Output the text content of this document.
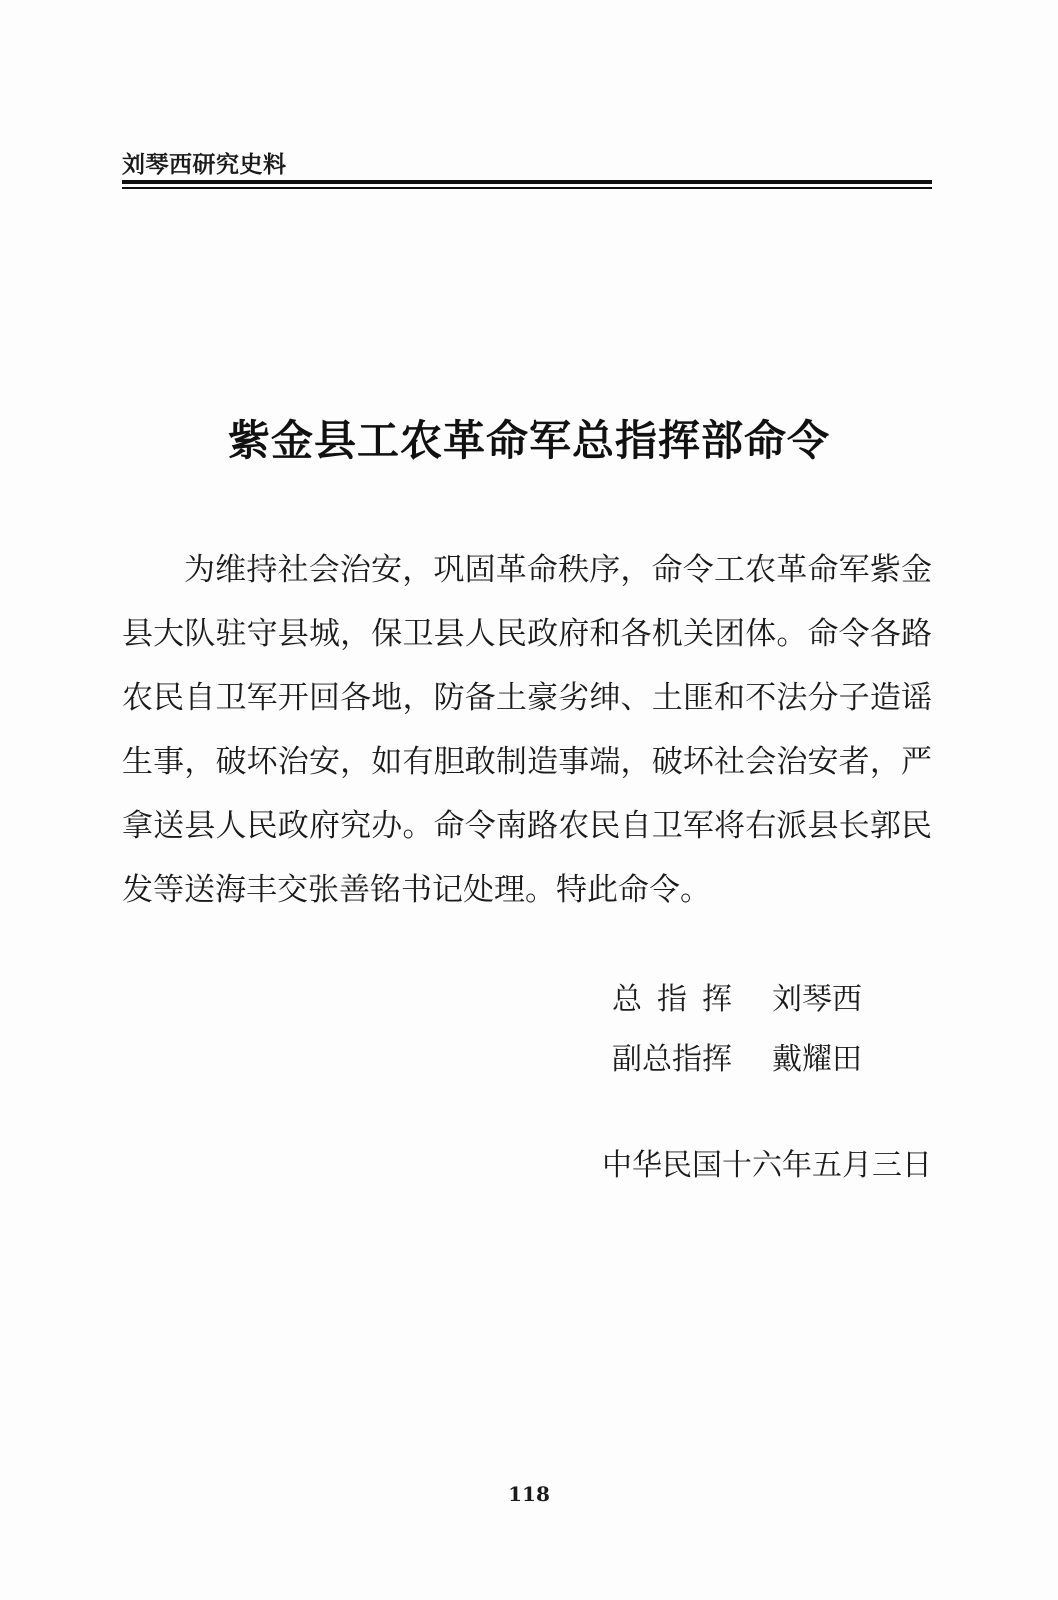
刘琴西研究史料
紫金县工农革命军总指挥部命令

为维持社会治安，巩固革命秩序，命令工农革命军紫金县大队驻守县城，保卫县人民政府和各机关团体。命令各路农民自卫军开回各地，防备土豪劣绅、土匪和不法分子造谣生事，破坏治安，如有胆敢制造事端，破坏社会治安者，严拿送县人民政府究办。命令南路农民自卫军将右派县长郭民发等送海丰交张善铭书记处理。特此命令。

总指挥 刘琴西
副总指挥	戴耀田
中华民国十六年五月三日
118
